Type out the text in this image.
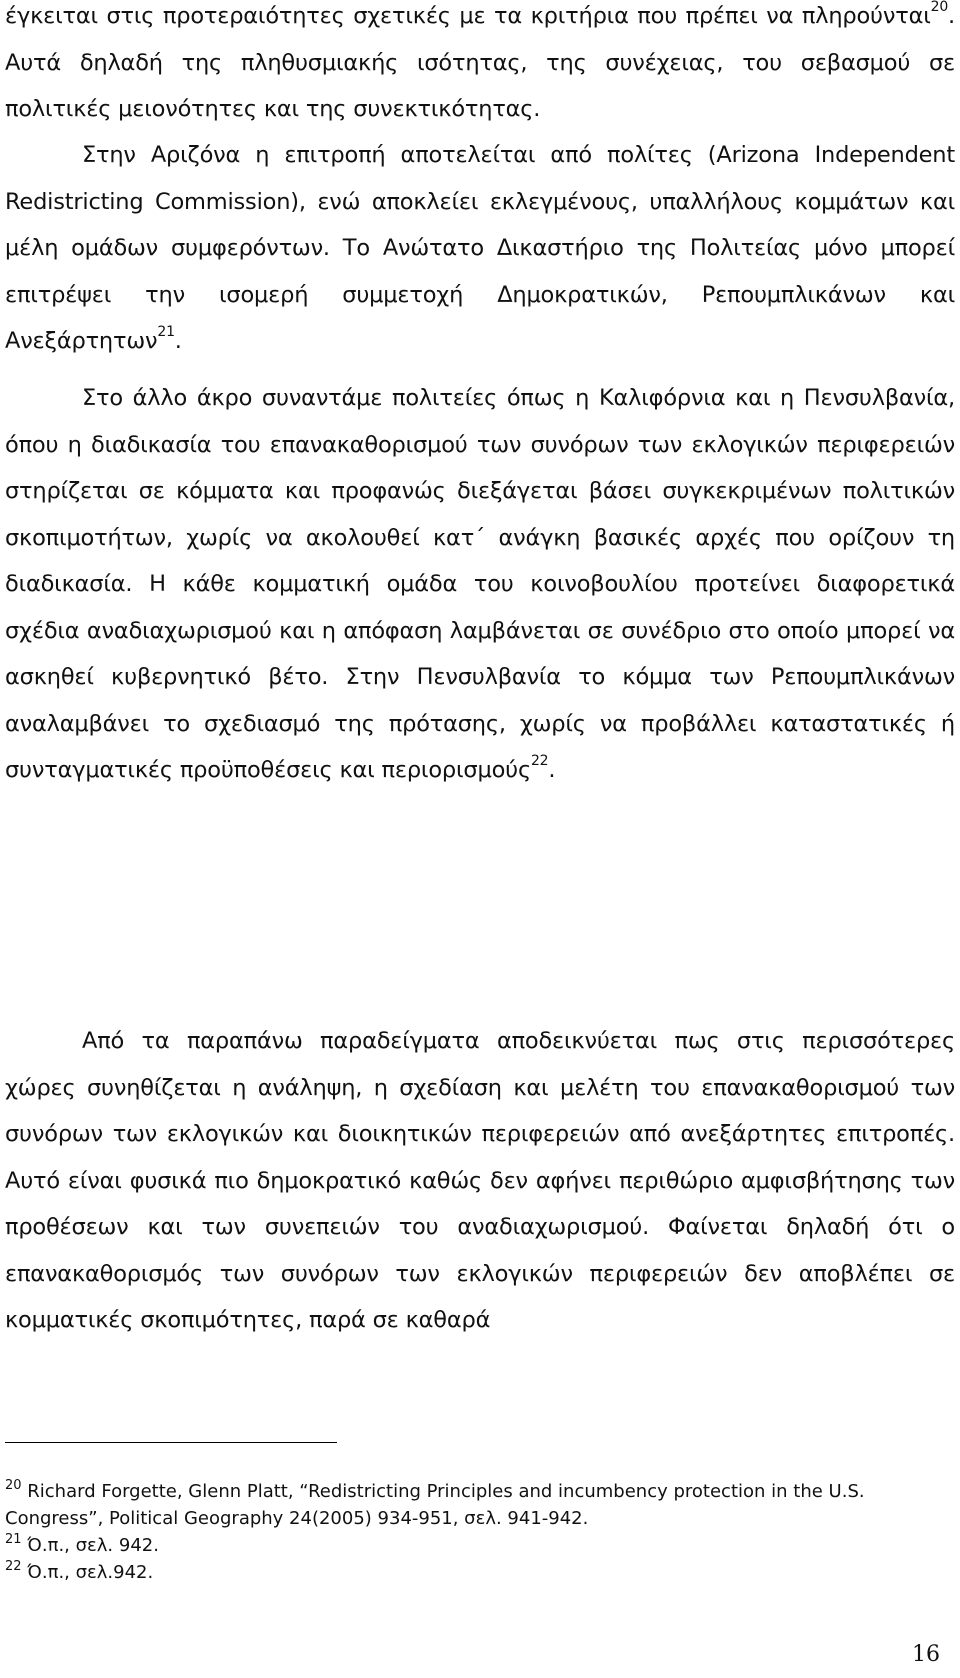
έγκειται στις προτεραιότητες σχετικές με τα κριτήρια που πρέπει να πληρούνται$^{20}$. Αυτά δηλαδή της πληθυσμιακής ισότητας, της συνέχειας, του σεβασμού σε πολιτικές μειονότητες και της συνεκτικότητας.

Στην Αριζόνα η επιτροπή αποτελείται από πολίτες (Arizona Independent Redistricting Commission), ενώ αποκλείει εκλεγμένους, υπαλλήλους κομμάτων και μέλη ομάδων συμφερόντων. Το Ανώτατο Δικαστήριο της Πολιτείας μόνο μπορεί επιτρέψει την ισομερή συμμετοχή Δημοκρατικών, Ρεπουμπλικάνων και Ανεξάρτητων$^{21}$.

Στο άλλο άκρο συναντάμε πολιτείες όπως η Καλιφόρνια και η Πενσυλβανία, όπου η διαδικασία του επανακαθορισμού των συνόρων των εκλογικών περιφερειών στηρίζεται σε κόμματα και προφανώς διεξάγεται βάσει συγκεκριμένων πολιτικών σκοπιμοτήτων, χωρίς να ακολουθεί κατ΄ ανάγκη βασικές αρχές που ορίζουν τη διαδικασία. Η κάθε κομματική ομάδα του κοινοβουλίου προτείνει διαφορετικά σχέδια αναδιαχωρισμού και η απόφαση λαμβάνεται σε συνέδριο στο οποίο μπορεί να ασκηθεί κυβερνητικό βέτο. Στην Πενσυλβανία το κόμμα των Ρεπουμπλικάνων αναλαμβάνει το σχεδιασμό της πρότασης, χωρίς να προβάλλει καταστατικές ή συνταγματικές προϋποθέσεις και περιορισμούς$^{22}$.

Από τα παραπάνω παραδείγματα αποδεικνύεται πως στις περισσότερες χώρες συνηθίζεται η ανάληψη, η σχεδίαση και μελέτη του επανακαθορισμού των συνόρων των εκλογικών και διοικητικών περιφερειών από ανεξάρτητες επιτροπές. Αυτό είναι φυσικά πιο δημοκρατικό καθώς δεν αφήνει περιθώριο αμφισβήτησης των προθέσεων και των συνεπειών του αναδιαχωρισμού. Φαίνεται δηλαδή ότι ο επανακαθορισμός των συνόρων των εκλογικών περιφερειών δεν αποβλέπει σε κομματικές σκοπιμότητες, παρά σε καθαρά

$^{20}$ Richard Forgette, Glenn Platt, “Redistricting Principles and incumbency protection in the U.S. Congress”, Political Geography 24(2005) 934-951, σελ. 941-942.

$^{21}$ Ό.π., σελ. 942.

$^{22}$ Ό.π., σελ.942.

16
